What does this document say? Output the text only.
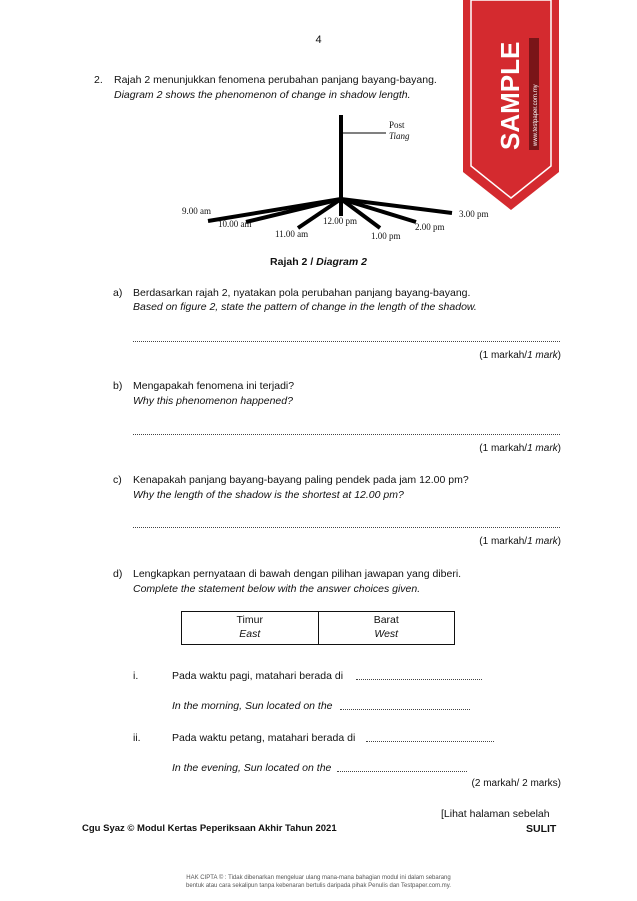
4
SAMPLE www.testpaper.com.my
2. Rajah 2 menunjukkan fenomena perubahan panjang bayang-bayang.
Diagram 2 shows the phenomenon of change in shadow length.
Post
Tiang
9.00 am
10.00 am
11.00 am
12.00 pm
1.00 pm
2.00 pm
3.00 pm
Rajah 2 / Diagram 2
a) Berdasarkan rajah 2, nyatakan pola perubahan panjang bayang-bayang.
Based on figure 2, state the pattern of change in the length of the shadow.
(1 markah/1 mark)
b) Mengapakah fenomena ini terjadi?
Why this phenomenon happened?
(1 markah/1 mark)
c) Kenapakah panjang bayang-bayang paling pendek pada jam 12.00 pm?
Why the length of the shadow is the shortest at 12.00 pm?
(1 markah/1 mark)
d) Lengkapkan pernyataan di bawah dengan pilihan jawapan yang diberi.
Complete the statement below with the answer choices given.
Timur
East
Barat
West
i.	Pada waktu pagi, matahari berada di
In the morning, Sun located on the
ii.	Pada waktu petang, matahari berada di
In the evening, Sun located on the
(2 markah/ 2 marks)
[Lihat halaman sebelah
Cgu Syaz © Modul Kertas Peperiksaan Akhir Tahun 2021	SULIT
HAK CIPTA © : Tidak dibenarkan mengeluar ulang mana-mana bahagian modul ini dalam sebarang
bentuk atau cara sekalipun tanpa kebenaran bertulis daripada pihak Penulis dan Testpaper.com.my.
